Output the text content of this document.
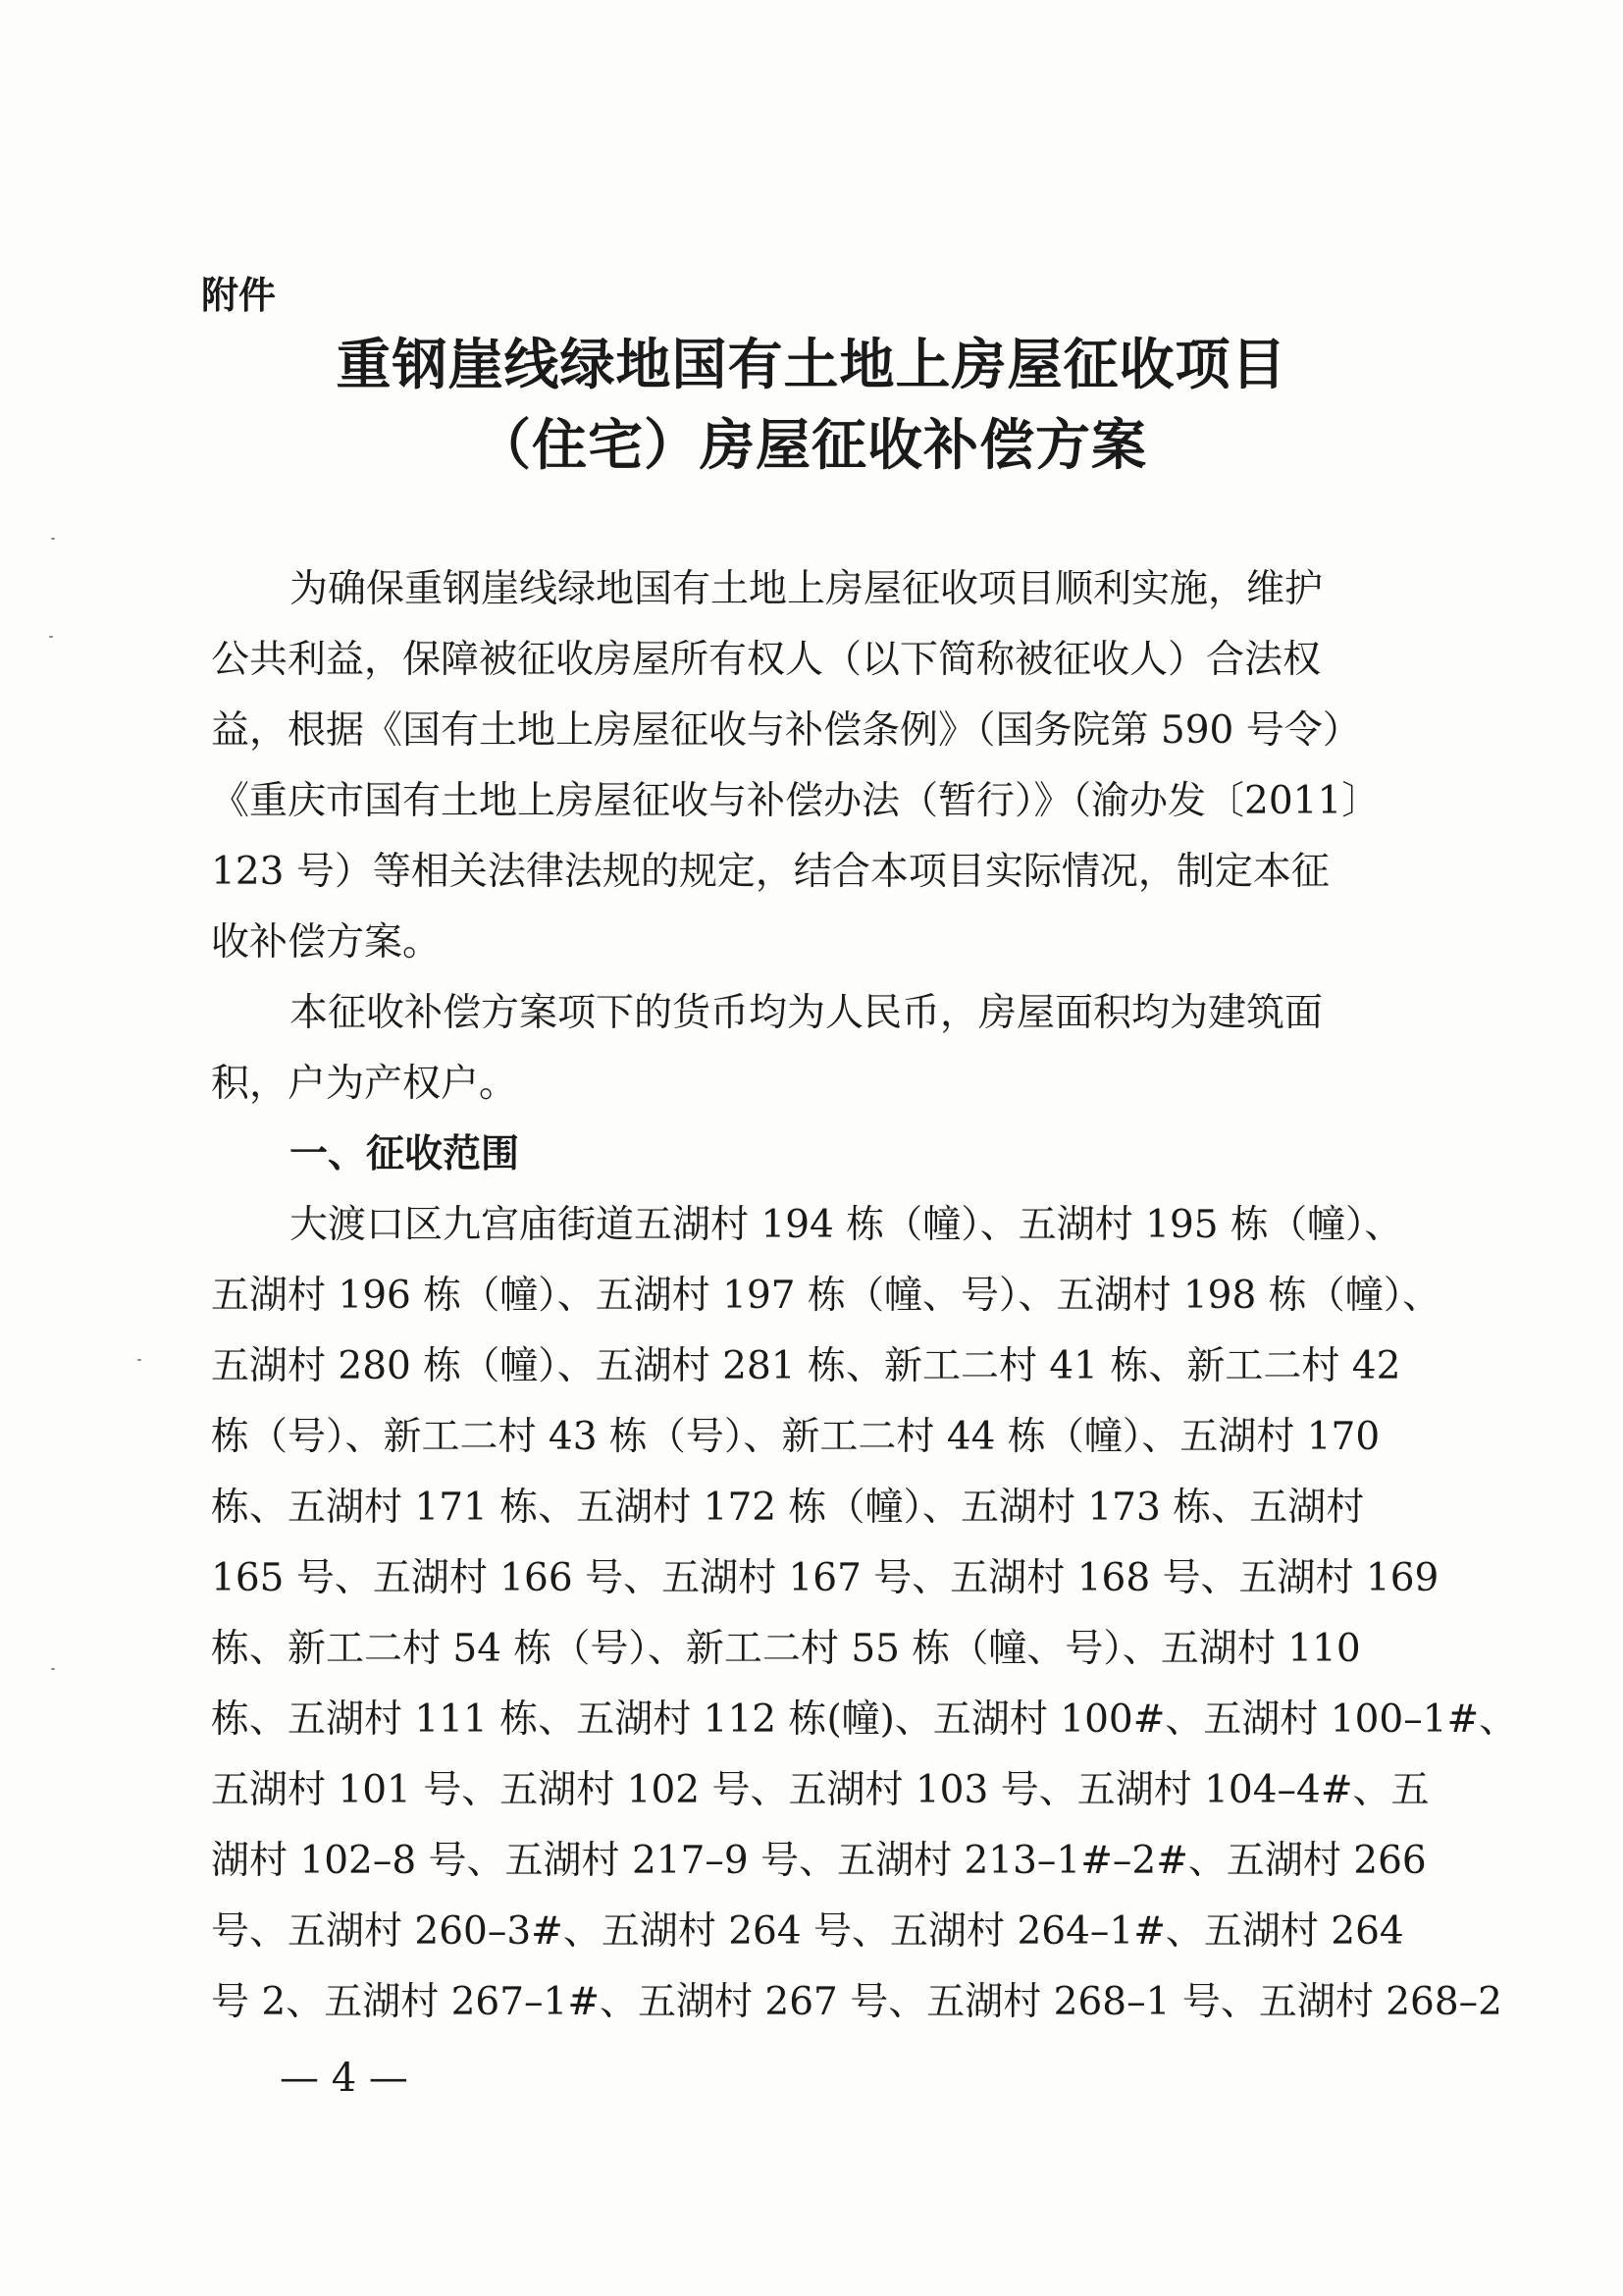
附件
重钢崖线绿地国有土地上房屋征收项目
（住宅）房屋征收补偿方案
为确保重钢崖线绿地国有土地上房屋征收项目顺利实施，维护
公共利益，保障被征收房屋所有权人（以下简称被征收人）合法权
益，根据《国有土地上房屋征收与补偿条例》（国务院第 590 号令）
《重庆市国有土地上房屋征收与补偿办法（暂行）》（渝办发〔2011〕
123 号）等相关法律法规的规定，结合本项目实际情况，制定本征
收补偿方案。
本征收补偿方案项下的货币均为人民币，房屋面积均为建筑面
积，户为产权户。
一、征收范围
大渡口区九宫庙街道五湖村 194 栋（幢）、五湖村 195 栋（幢）、
五湖村 196 栋（幢）、五湖村 197 栋（幢、号）、五湖村 198 栋（幢）、
五湖村 280 栋（幢）、五湖村 281 栋、新工二村 41 栋、新工二村 42
栋（号）、新工二村 43 栋（号）、新工二村 44 栋（幢）、五湖村 170
栋、五湖村 171 栋、五湖村 172 栋（幢）、五湖村 173 栋、五湖村
165 号、五湖村 166 号、五湖村 167 号、五湖村 168 号、五湖村 169
栋、新工二村 54 栋（号）、新工二村 55 栋（幢、号）、五湖村 110
栋、五湖村 111 栋、五湖村 112 栋(幢)、五湖村 100#、五湖村 100–1#、
五湖村 101 号、五湖村 102 号、五湖村 103 号、五湖村 104–4#、五
湖村 102–8 号、五湖村 217–9 号、五湖村 213–1#–2#、五湖村 266
号、五湖村 260–3#、五湖村 264 号、五湖村 264–1#、五湖村 264
号 2、五湖村 267–1#、五湖村 267 号、五湖村 268–1 号、五湖村 268–2
— 4 —
